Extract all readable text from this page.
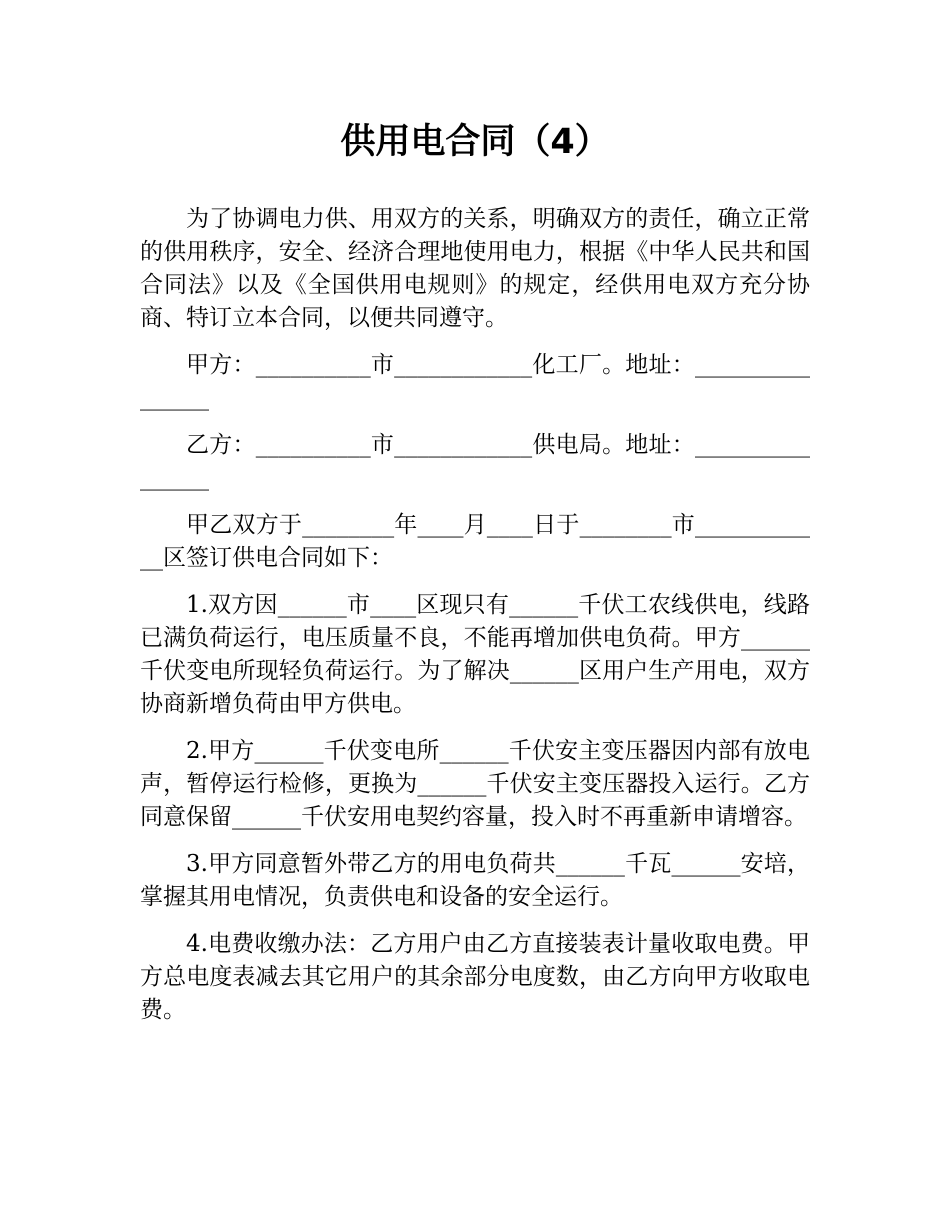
供用电合同（4）

为了协调电力供、用双方的关系，明确双方的责任，确立正常的供用秩序，安全、经济合理地使用电力，根据《中华人民共和国合同法》以及《全国供用电规则》的规定，经供用电双方充分协商、特订立本合同，以便共同遵守。

甲方：__________市____________化工厂。地址：________________

乙方：__________市____________供电局。地址：________________

甲乙双方于________年____月____日于________市____________区签订供电合同如下：

1.双方因______市____区现只有______千伏工农线供电，线路已满负荷运行，电压质量不良，不能再增加供电负荷。甲方______千伏变电所现轻负荷运行。为了解决______区用户生产用电，双方协商新增负荷由甲方供电。

2.甲方______千伏变电所______千伏安主变压器因内部有放电声，暂停运行检修，更换为______千伏安主变压器投入运行。乙方同意保留______千伏安用电契约容量，投入时不再重新申请增容。

3.甲方同意暂外带乙方的用电负荷共______千瓦______安培，掌握其用电情况，负责供电和设备的安全运行。

4.电费收缴办法：乙方用户由乙方直接装表计量收取电费。甲方总电度表减去其它用户的其余部分电度数，由乙方向甲方收取电费。
